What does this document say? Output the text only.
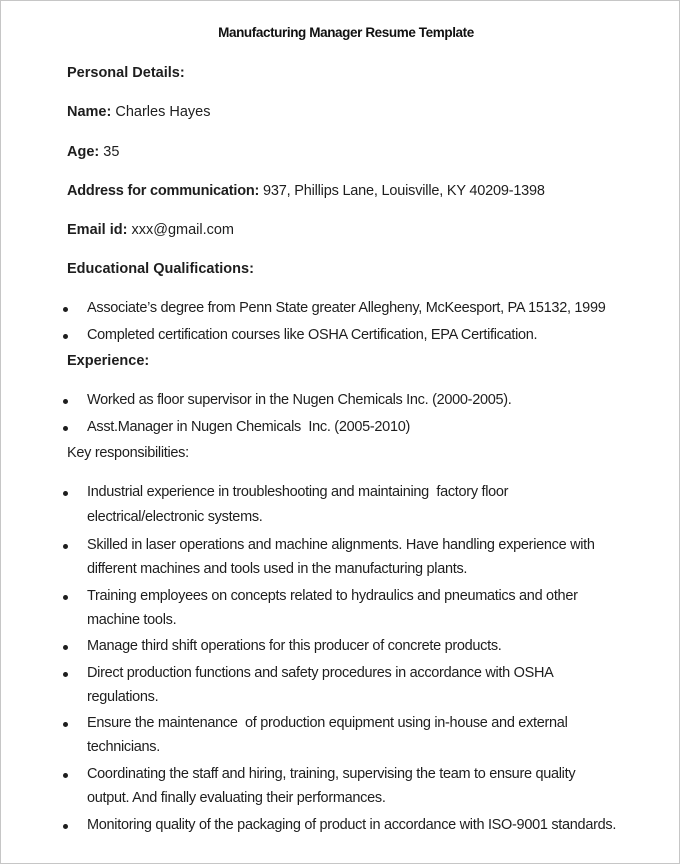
Manufacturing Manager Resume Template
Personal Details:
Name: Charles Hayes
Age: 35
Address for communication: 937, Phillips Lane, Louisville, KY 40209-1398
Email id: xxx@gmail.com
Educational Qualifications:
Associate’s degree from Penn State greater Allegheny, McKeesport, PA 15132, 1999
Completed certification courses like OSHA Certification, EPA Certification.
Experience:
Worked as floor supervisor in the Nugen Chemicals Inc. (2000-2005).
Asst.Manager in Nugen Chemicals  Inc. (2005-2010)
Key responsibilities:
Industrial experience in troubleshooting and maintaining  factory floor
electrical/electronic systems.
Skilled in laser operations and machine alignments. Have handling experience with
different machines and tools used in the manufacturing plants.
Training employees on concepts related to hydraulics and pneumatics and other
machine tools.
Manage third shift operations for this producer of concrete products.
Direct production functions and safety procedures in accordance with OSHA
regulations.
Ensure the maintenance  of production equipment using in-house and external
technicians.
Coordinating the staff and hiring, training, supervising the team to ensure quality
output. And finally evaluating their performances.
Monitoring quality of the packaging of product in accordance with ISO-9001 standards.
